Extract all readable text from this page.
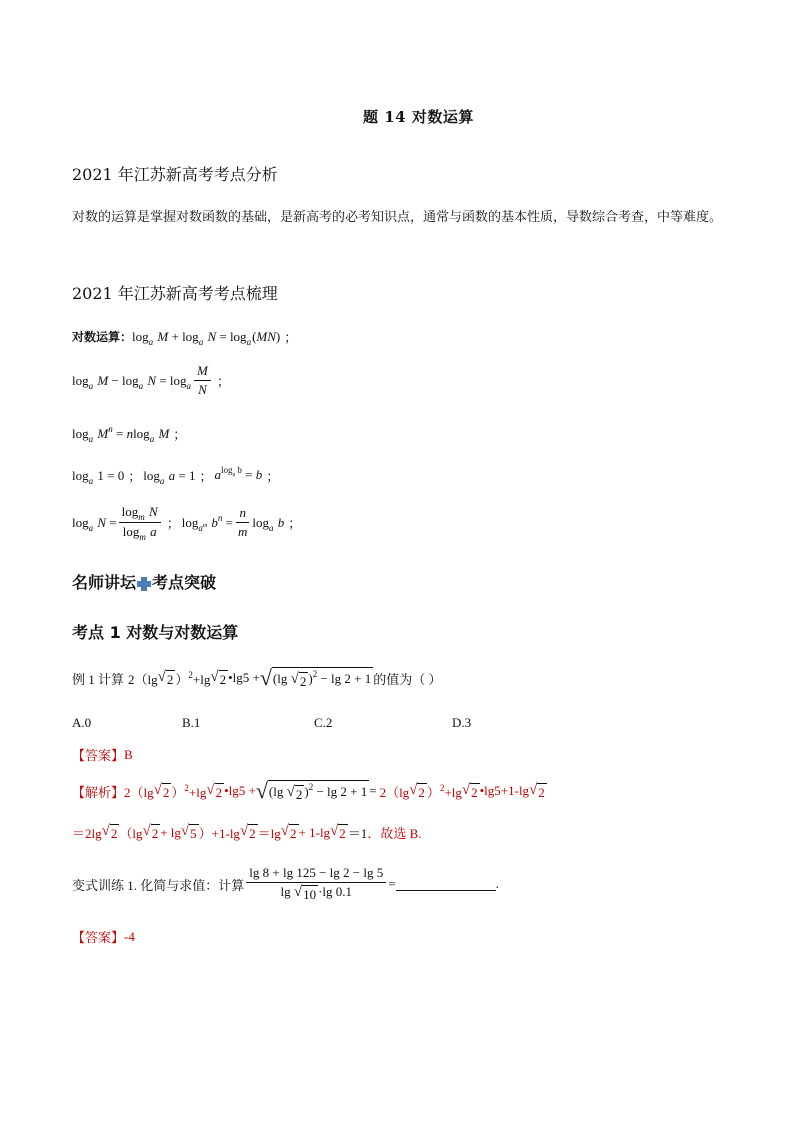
题 14 对数运算
2021 年江苏新高考考点分析
对数的运算是掌握对数函数的基础，是新高考的必考知识点，通常与函数的基本性质，导数综合考查，中等难度。
2021 年江苏新高考考点梳理
对数运算： $\log_a M + \log_a N = \log_a(MN)$ ；
$\log_a M - \log_a N = \log_a \frac{M}{N}$ ；
$\log_a M^n = nlog_a$ M ；
$\log_a 1 = 0$ ； $\log_a a = 1$ ； $a^{log_a b} = b$ ；
$\log_a N = \frac{\log_m N}{\log_m a}$ ； $\log_{a^m} b^n = \frac{n}{m} \log_a b$ ；
名师讲坛 考点突破
考点 1 对数与对数运算
例 1 计算 2（lg √ 2 ）$^2$+lg √ 2 •lg5 + √ (lg √ 2 )$^2$ − lg 2 + 1 的值为（ ）
A.0	B.1	C.2	D.3
【答案】 B
【解析】 2（lg √ 2 ）$^2$+lg √ 2 •lg5 + √ (lg √ 2 )$^2$ − lg 2 + 1 = 2（lg √ 2 ）$^2$+lg √ 2 •lg5+1-lg √ 2
＝2lg √ 2 （lg √ 2 + lg √ 5 ）+1-lg √ 2 ＝lg √ 2 + 1-lg √ 2 ＝1 ．故选 B.
变式训练 1. 化简与求值：计算 $\frac{\lg 8 + \lg 125 - \lg 2 - \lg 5}{\lg √ 10 \cdot\lg 0.1}$ =	.
【答案】 -4
